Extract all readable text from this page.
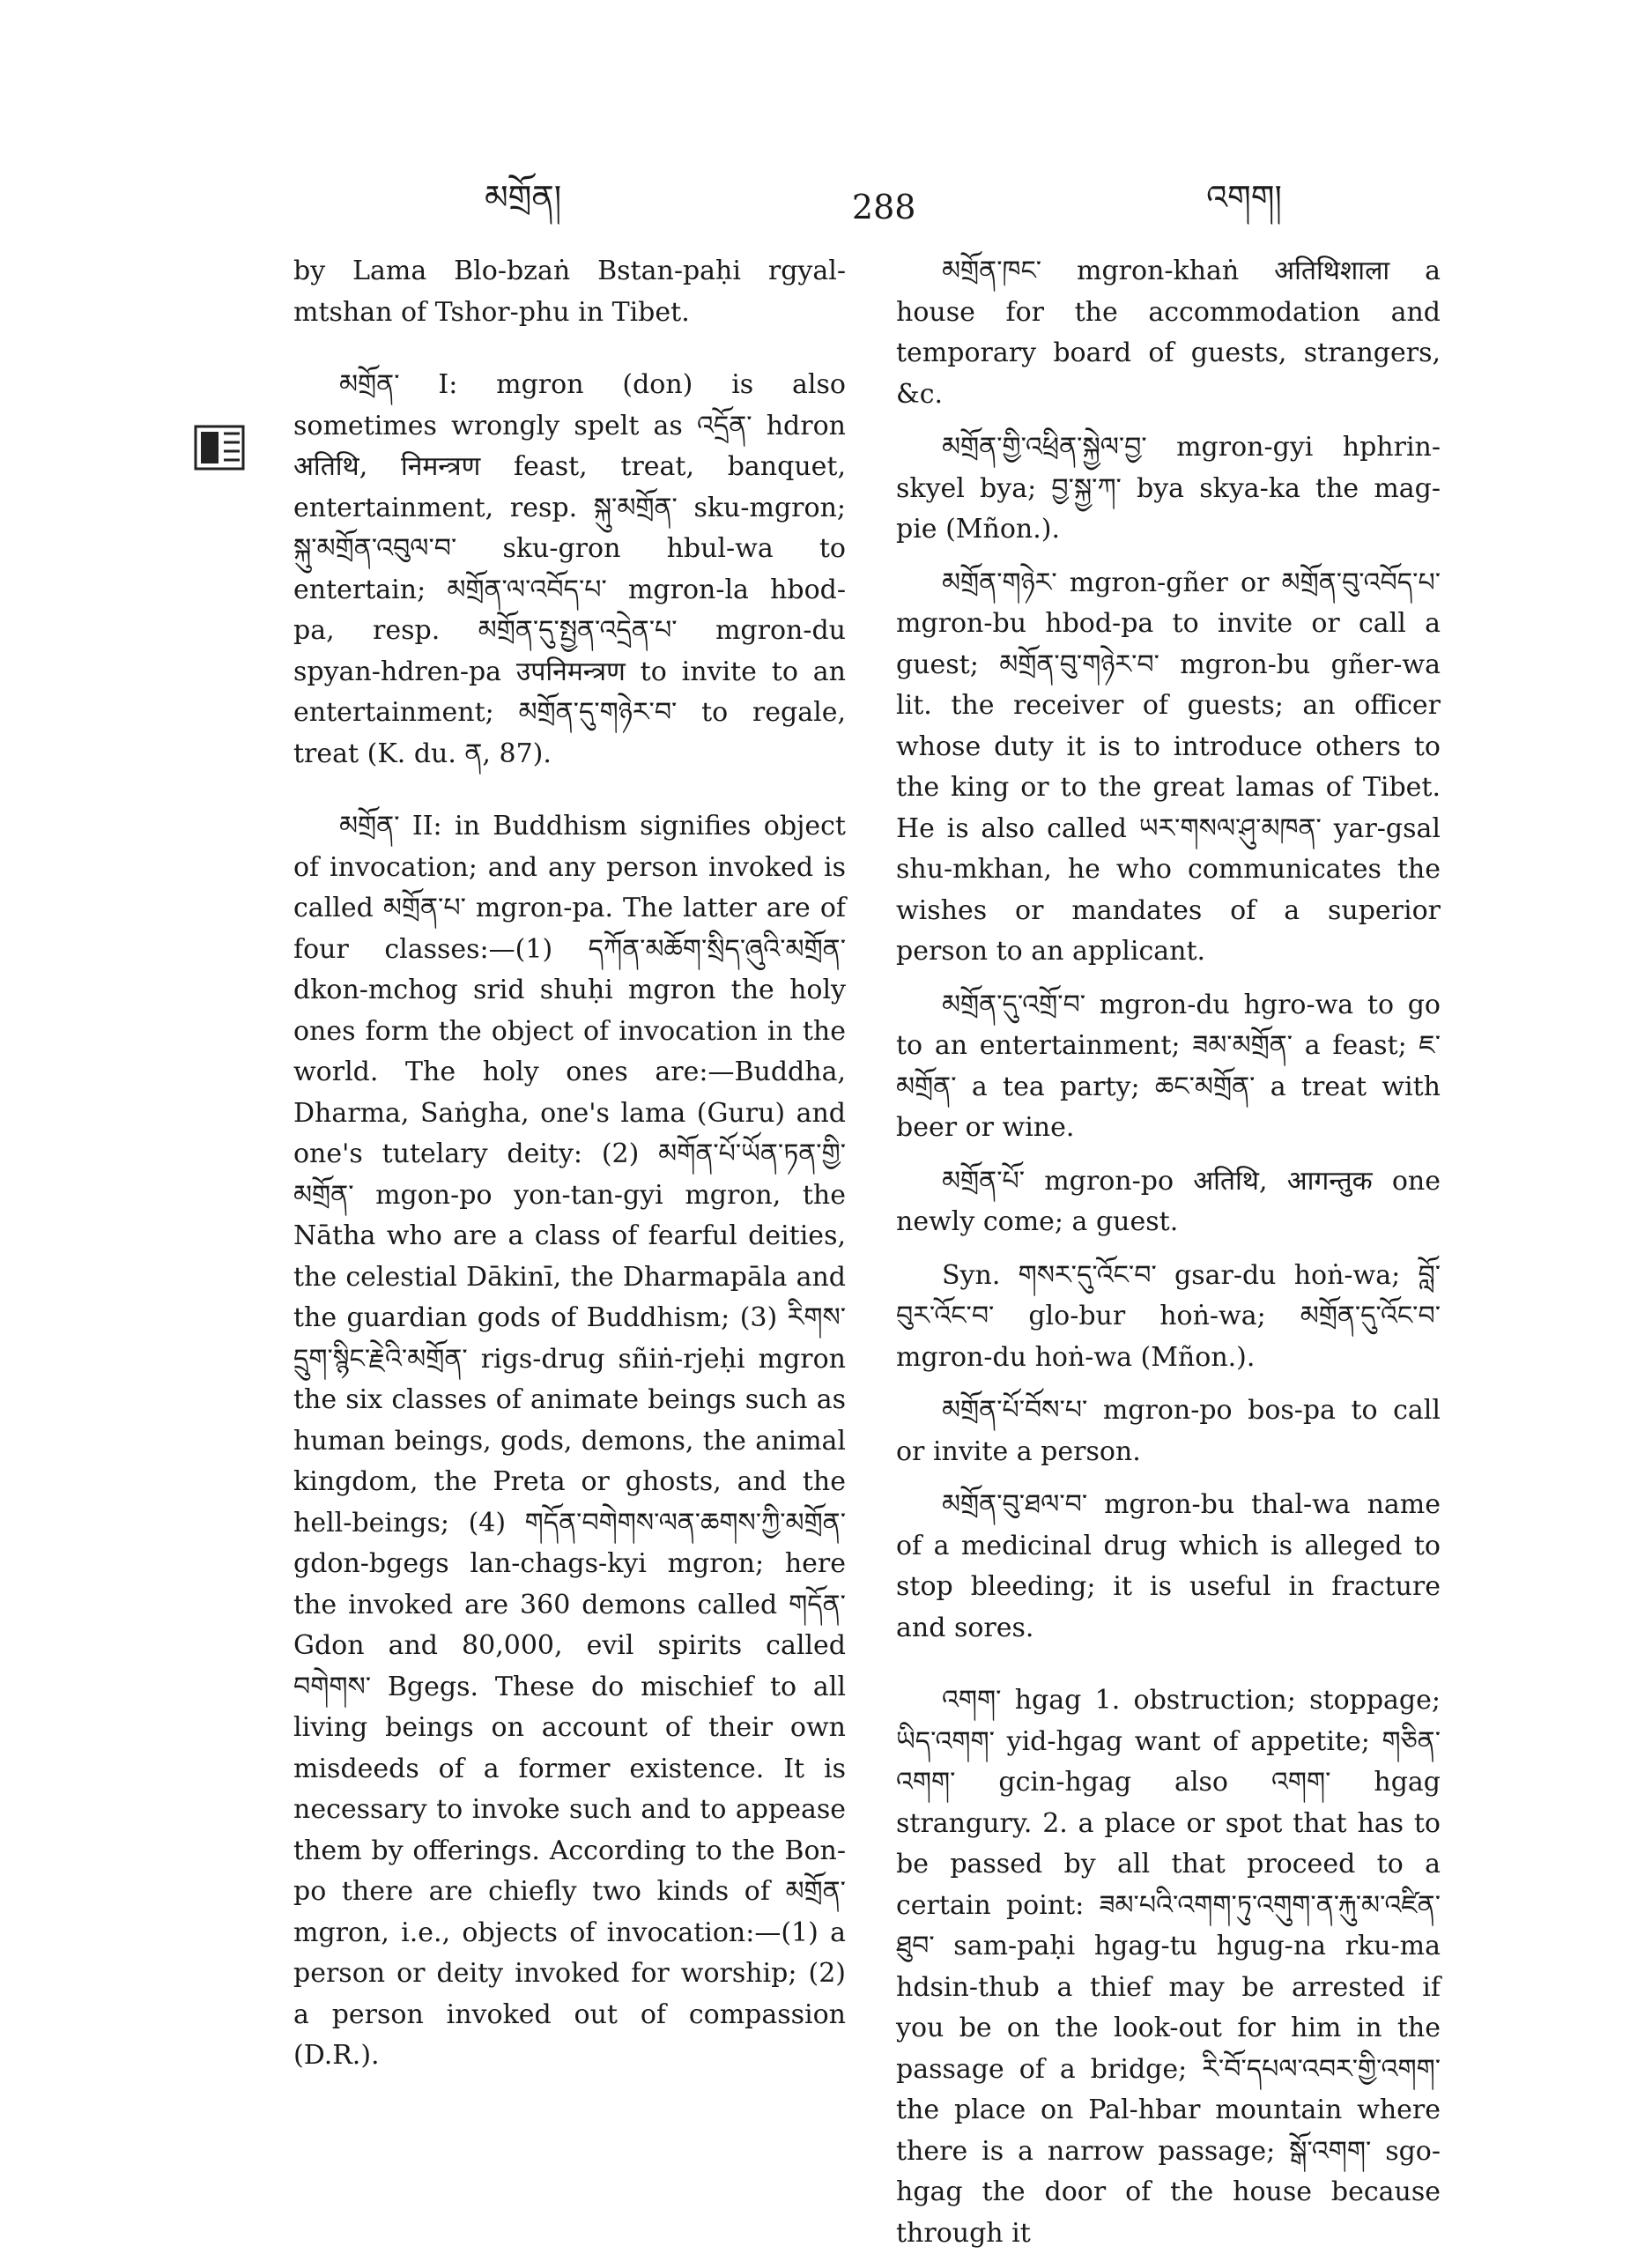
མགྲོན།	288	འགག།

by Lama Blo-bzaṅ Bstan-paḥi rgyal-mtshan of Tshor-phu in Tibet.

མགྲོན་ I: mgron (don) is also sometimes wrongly spelt as འདྲོན་ hdron अतिथि, निमन्त्रण feast, treat, banquet, entertainment, resp. སྐུ་མགྲོན་ sku-mgron; སྐུ་མགྲོན་འབུལ་བ་ sku-gron hbul-wa to entertain; མགྲོན་ལ་འབོད་པ་ mgron-la hbod-pa, resp. མགྲོན་དུ་སྤྱན་འདྲེན་པ་ mgron-du spyan-hdren-pa उपनिमन्त्रण to invite to an entertainment; མགྲོན་དུ་གཉེར་བ་ to regale, treat (K. du. ན, 87).

མགྲོན་ II: in Buddhism signifies object of invocation; and any person invoked is called མགྲོན་པ་ mgron-pa. The latter are of four classes:—(1) དཀོན་མཆོག་སྲིད་ཞུའི་མགྲོན་ dkon-mchog srid shuḥi mgron the holy ones form the object of invocation in the world. The holy ones are:—Buddha, Dharma, Saṅgha, one's lama (Guru) and one's tutelary deity: (2) མགོན་པོ་ཡོན་ཏན་གྱི་མགྲོན་ mgon-po yon-tan-gyi mgron, the Nātha who are a class of fearful deities, the celestial Dākinī, the Dharmapāla and the guardian gods of Buddhism; (3) རིགས་དྲུག་སྙིང་རྗེའི་མགྲོན་ rigs-drug sñiṅ-rjeḥi mgron the six classes of animate beings such as human beings, gods, demons, the animal kingdom, the Preta or ghosts, and the hell-beings; (4) གདོན་བགེགས་ལན་ཆགས་ཀྱི་མགྲོན་ gdon-bgegs lan-chags-kyi mgron; here the invoked are 360 demons called གདོན་ Gdon and 80,000, evil spirits called བགེགས་ Bgegs. These do mischief to all living beings on account of their own misdeeds of a former existence. It is necessary to invoke such and to appease them by offerings. According to the Bon-po there are chiefly two kinds of མགྲོན་ mgron, i.e., objects of invocation:—(1) a person or deity invoked for worship; (2) a person invoked out of compassion (D.R.).

མགྲོན་ཁང་ mgron-khaṅ अतिथिशाला a house for the accommodation and temporary board of guests, strangers, &c.

མགྲོན་གྱི་འཕྲིན་སྐྱེལ་བྱ་ mgron-gyi hphrin-skyel bya; བྱ་སྐྱ་ཀ་ bya skya-ka the mag-pie (Mñon.).

མགྲོན་གཉེར་ mgron-gñer or མགྲོན་བུ་འབོད་པ་ mgron-bu hbod-pa to invite or call a guest; མགྲོན་བུ་གཉེར་བ་ mgron-bu gñer-wa lit. the receiver of guests; an officer whose duty it is to introduce others to the king or to the great lamas of Tibet. He is also called ཡར་གསལ་ཤུ་མཁན་ yar-gsal shu-mkhan, he who communicates the wishes or mandates of a superior person to an applicant.

མགྲོན་དུ་འགྲོ་བ་ mgron-du hgro-wa to go to an entertainment; ཟམ་མགྲོན་ a feast; ཇ་མགྲོན་ a tea party; ཆང་མགྲོན་ a treat with beer or wine.

མགྲོན་པོ་ mgron-po अतिथि, आगन्तुक one newly come; a guest.

Syn. གསར་དུ་འོང་བ་ gsar-du hoṅ-wa; བློ་བུར་འོང་བ་ glo-bur hoṅ-wa; མགྲོན་དུ་འོང་བ་ mgron-du hoṅ-wa (Mñon.).

མགྲོན་པོ་བོས་པ་ mgron-po bos-pa to call or invite a person.

མགྲོན་བུ་ཐལ་བ་ mgron-bu thal-wa name of a medicinal drug which is alleged to stop bleeding; it is useful in fracture and sores.

འགག་ hgag 1. obstruction; stoppage; ཡིད་འགག་ yid-hgag want of appetite; གཅིན་འགག་ gcin-hgag also འགག་ hgag strangury. 2. a place or spot that has to be passed by all that proceed to a certain point: ཟམ་པའི་འགག་ཏུ་འགུག་ན་རྐུ་མ་འཛིན་ཐུབ་ sam-paḥi hgag-tu hgug-na rku-ma hdsin-thub a thief may be arrested if you be on the look-out for him in the passage of a bridge; རི་བོ་དཔལ་འབར་གྱི་འགག་ the place on Pal-hbar mountain where there is a narrow passage; སྒོ་འགག་ sgo-hgag the door of the house because through it
